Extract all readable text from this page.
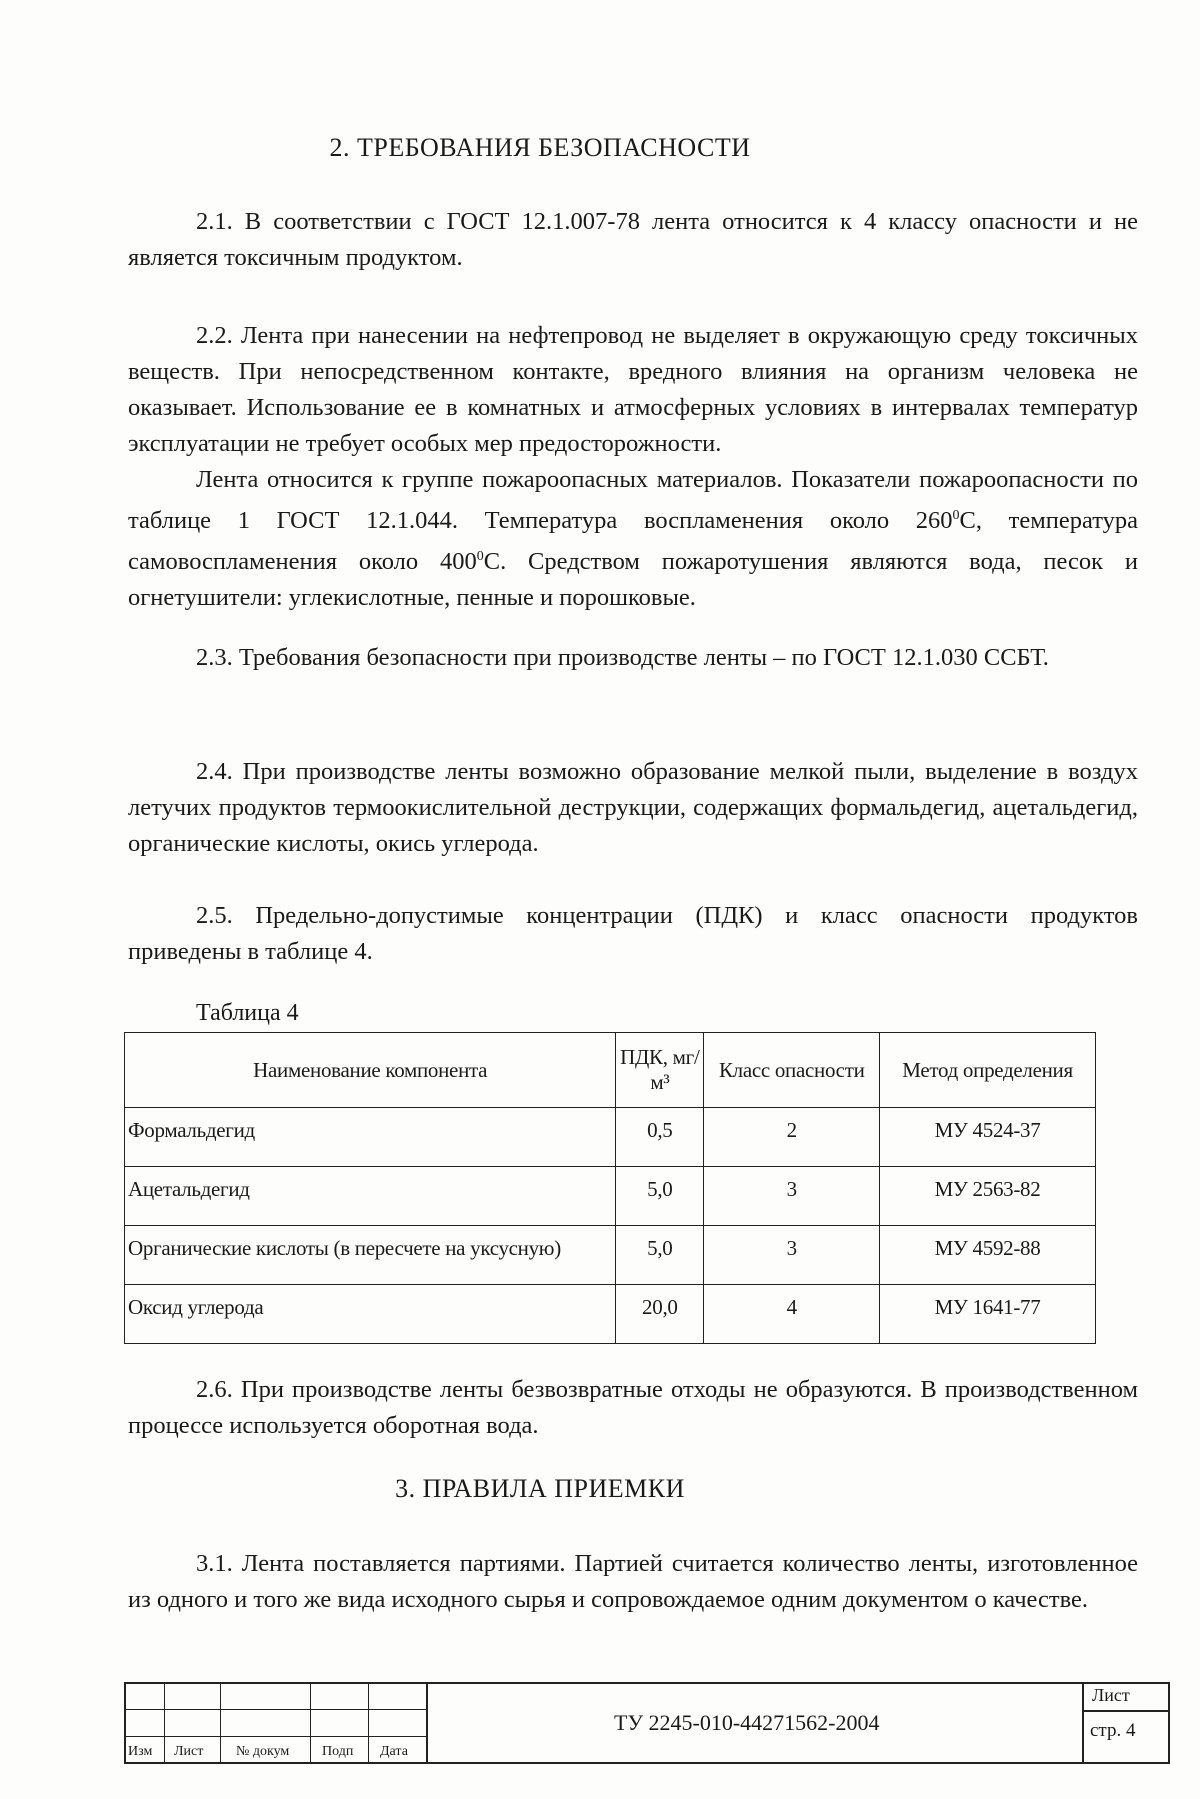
2. ТРЕБОВАНИЯ БЕЗОПАСНОСТИ
2.1. В соответствии с ГОСТ 12.1.007-78 лента относится к 4 классу опасности и не является токсичным продуктом.
2.2. Лента при нанесении на нефтепровод не выделяет в окружающую среду токсичных веществ. При непосредственном контакте, вредного влияния на организм человека не оказывает. Использование ее в комнатных и атмосферных условиях в интервалах температур эксплуатации не требует особых мер предосторожности.
Лента относится к группе пожароопасных материалов. Показатели пожароопасности по таблице 1 ГОСТ 12.1.044. Температура воспламенения около $260^0С$, температура самовоспламенения около $400^0С$. Средством пожаротушения являются вода, песок и огнетушители: углекислотные, пенные и порошковые.
2.3. Требования безопасности при производстве ленты – по ГОСТ 12.1.030 ССБТ.
2.4. При производстве ленты возможно образование мелкой пыли, выделение в воздух летучих продуктов термоокислительной деструкции, содержащих формальдегид, ацетальдегид, органические кислоты, окись углерода.
2.5. Предельно-допустимые концентрации (ПДК) и класс опасности продуктов приведены в таблице 4.
Таблица 4
Наименование компонента	ПДК, мг/м³	Класс опасности	Метод определения
Формальдегид	0,5	2	МУ 4524-37
Ацетальдегид	5,0	3	МУ 2563-82
Органические кислоты (в пересчете на уксусную)	5,0	3	МУ 4592-88
Оксид углерода	20,0	4	МУ 1641-77
2.6. При производстве ленты безвозвратные отходы не образуются. В производственном процессе используется оборотная вода.
3. ПРАВИЛА ПРИЕМКИ
3.1. Лента поставляется партиями. Партией считается количество ленты, изготовленное из одного и того же вида исходного сырья и сопровождаемое одним документом о качестве.
Изм Лист № докум Подп Дата
ТУ 2245-010-44271562-2004
Лист
стр. 4
